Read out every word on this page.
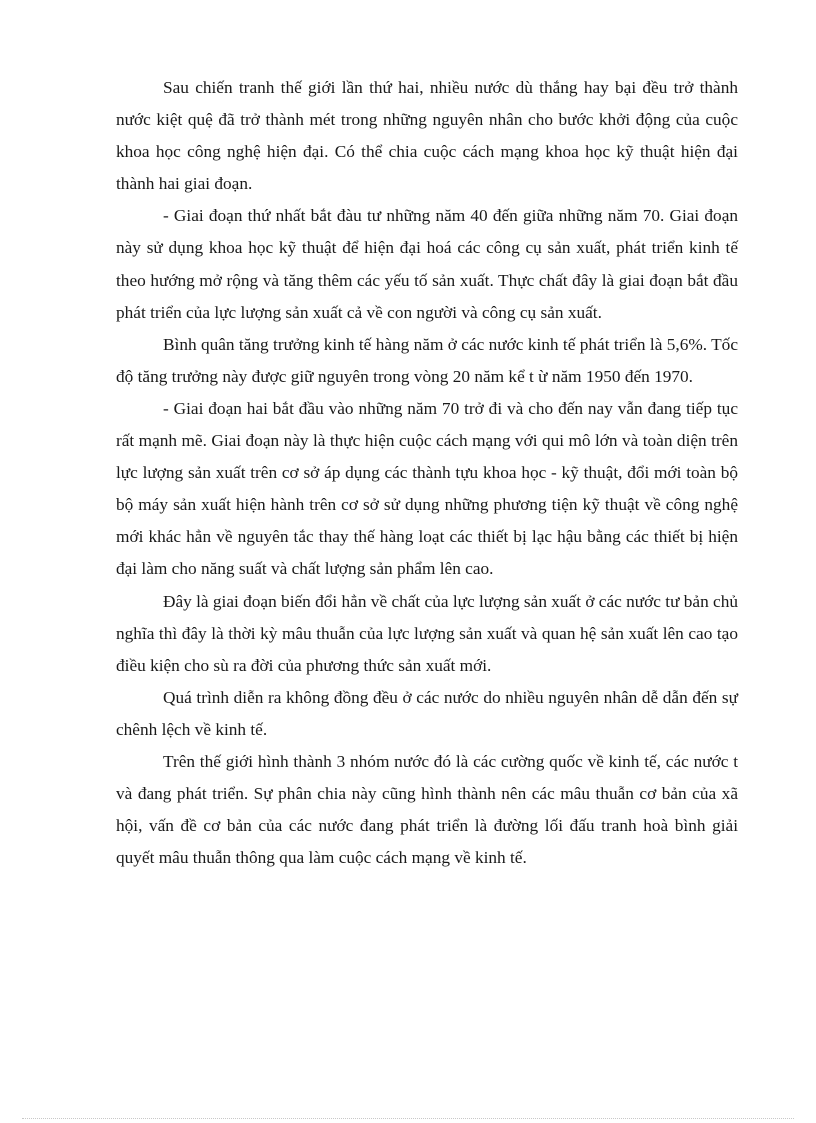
Sau chiến tranh thế giới lần thứ hai, nhiều nước dù thắng hay bại đều trở thành nước kiệt quệ đã trở thành mét trong những nguyên nhân cho bước khởi động của cuộc khoa học công nghệ hiện đại. Có thể chia cuộc cách mạng khoa học kỹ thuật hiện đại thành hai giai đoạn.

- Giai đoạn thứ nhất bắt đàu tư những năm 40 đến giữa những năm 70. Giai đoạn này sử dụng khoa học kỹ thuật để hiện đại hoá các công cụ sản xuất, phát triển kinh tế theo hướng mở rộng và tăng thêm các yếu tố sản xuất. Thực chất đây là giai đoạn bắt đầu phát triển của lực lượng sản xuất cả về con người và công cụ sản xuất.

Bình quân tăng trưởng kinh tế hàng năm ở các nước kinh tế phát triển là 5,6%. Tốc độ tăng trưởng này được giữ nguyên trong vòng 20 năm kể t ừ năm 1950 đến 1970.

- Giai đoạn hai bắt đầu vào những năm 70 trở đi và cho đến nay vẫn đang tiếp tục rất mạnh mẽ. Giai đoạn này là thực hiện cuộc cách mạng với qui mô lớn và toàn diện trên lực lượng sản xuất trên cơ sở áp dụng các thành tựu khoa học - kỹ thuật, đổi mới toàn bộ bộ máy sản xuất hiện hành trên cơ sở sử dụng những phương tiện kỹ thuật về công nghệ mới khác hẳn về nguyên tắc thay thế hàng loạt các thiết bị lạc hậu bằng các thiết bị hiện đại làm cho năng suất và chất lượng sản phẩm lên cao.

Đây là giai đoạn biến đổi hẳn về chất của lực lượng sản xuất ở các nước tư bản chủ nghĩa thì đây là thời kỳ mâu thuẫn của lực lượng sản xuất và quan hệ sản xuất lên cao tạo điều kiện cho sù ra đời của phương thức sản xuất mới.

Quá trình diễn ra không đồng đều ở các nước do nhiều nguyên nhân dễ dẫn đến sự chênh lệch về kinh tế.

Trên thế giới hình thành 3 nhóm nước đó là các cường quốc về kinh tế, các nước t và đang phát triển. Sự phân chia này cũng hình thành nên các mâu thuẫn cơ bản của xã hội, vấn đề cơ bản của các nước đang phát triển là đường lối đấu tranh hoà bình giải quyết mâu thuẫn thông qua làm cuộc cách mạng về kinh tế.
